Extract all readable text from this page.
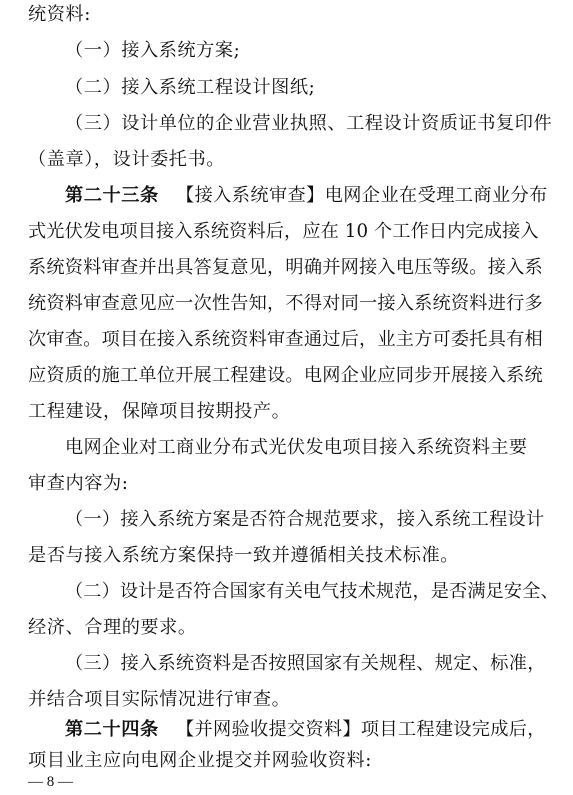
统资料:
（一）接入系统方案;
（二）接入系统工程设计图纸;
（三）设计单位的企业营业执照、工程设计资质证书复印件
（盖章），设计委托书。
第二十三条 【接入系统审查】电网企业在受理工商业分布
式光伏发电项目接入系统资料后，应在 10 个工作日内完成接入
系统资料审查并出具答复意见，明确并网接入电压等级。接入系
统资料审查意见应一次性告知，不得对同一接入系统资料进行多
次审查。项目在接入系统资料审查通过后，业主方可委托具有相
应资质的施工单位开展工程建设。电网企业应同步开展接入系统
工程建设，保障项目按期投产。
电网企业对工商业分布式光伏发电项目接入系统资料主要
审查内容为:
（一）接入系统方案是否符合规范要求，接入系统工程设计
是否与接入系统方案保持一致并遵循相关技术标准。
（二）设计是否符合国家有关电气技术规范，是否满足安全、
经济、合理的要求。
（三）接入系统资料是否按照国家有关规程、规定、标准，
并结合项目实际情况进行审查。
第二十四条 【并网验收提交资料】项目工程建设完成后，
— 8 —
项目业主应向电网企业提交并网验收资料:
